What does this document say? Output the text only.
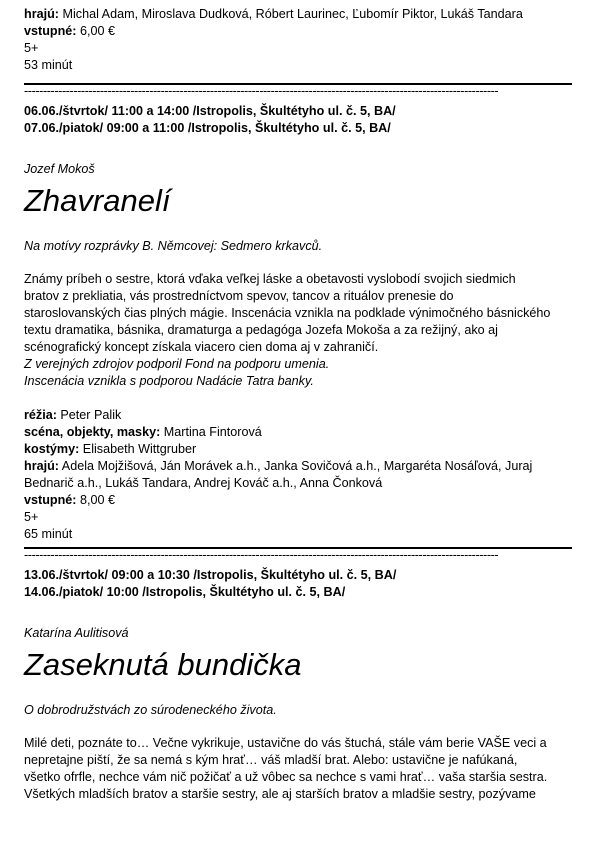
hrajú: Michal Adam, Miroslava Dudková, Róbert Laurinec, Ľubomír Piktor, Lukáš Tandara
vstupné: 6,00 €
5+
53 minút
-----------------------------------------------------------------------------------------------------------------------------
06.06./štvrtok/ 11:00 a 14:00 /Istropolis, Škultétyho ul. č. 5, BA/
07.06./piatok/ 09:00 a 11:00 /Istropolis, Škultétyho ul. č. 5, BA/
Jozef Mokoš
Zhavranelí
Na motívy rozprávky B. Němcovej: Sedmero krkavců.
Známy príbeh o sestre, ktorá vďaka veľkej láske a obetavosti vyslobodí svojich siedmich
bratov z prekliatia, vás prostredníctvom spevov, tancov a rituálov prenesie do
staroslovanských čias plných mágie. Inscenácia vznikla na podklade výnimočného básnického
textu dramatika, básnika, dramaturga a pedagóga Jozefa Mokoša a za režijný, ako aj
scénografický koncept získala viacero cien doma aj v zahraničí.
Z verejných zdrojov podporil Fond na podporu umenia.
Inscenácia vznikla s podporou Nadácie Tatra banky.
réžia: Peter Palik
scéna, objekty, masky: Martina Fintorová
kostýmy: Elisabeth Wittgruber
hrajú: Adela Mojžišová, Ján Morávek a.h., Janka Sovičová a.h., Margaréta Nosáľová, Juraj
Bednarič a.h., Lukáš Tandara, Andrej Kováč a.h., Anna Čonková
vstupné: 8,00 €
5+
65 minút
-----------------------------------------------------------------------------------------------------------------------------
13.06./štvrtok/ 09:00 a 10:30 /Istropolis, Škultétyho ul. č. 5, BA/
14.06./piatok/ 10:00 /Istropolis, Škultétyho ul. č. 5, BA/
Katarína Aulitisová
Zaseknutá bundička
O dobrodružstvách zo súrodeneckého života.
Milé deti, poznáte to… Večne vykrikuje, ustavične do vás štuchá, stále vám berie VAŠE veci a
nepretajne piští, že sa nemá s kým hrať… váš mladší brat. Alebo: ustavične je nafúkaná,
všetko ofrfle, nechce vám nič požičať a už vôbec sa nechce s vami hrať… vaša staršia sestra.
Všetkých mladších bratov a staršie sestry, ale aj starších bratov a mladšie sestry, pozývame
